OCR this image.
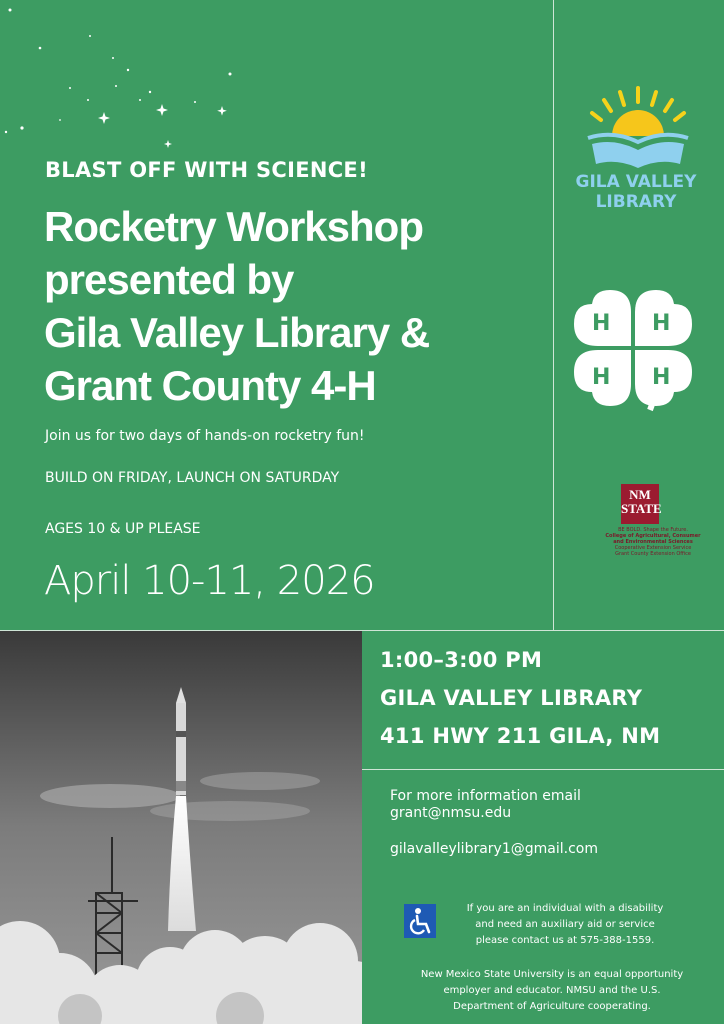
BLAST OFF WITH SCIENCE!
Rocketry Workshop
presented by
Gila Valley Library &
Grant County 4-H
Join us for two days of hands-on rocketry fun!
BUILD ON FRIDAY, LAUNCH ON SATURDAY
AGES 10 & UP PLEASE
April 10-11, 2026
GILA VALLEY
LIBRARY
H H
H H
NM STATE
BE BOLD. Shape the Future.
College of Agricultural, Consumer
and Environmental Sciences
Cooperative Extension Service
Grant County Extension Office
1:00–3:00 PM
GILA VALLEY LIBRARY
411 HWY 211 GILA, NM
For more information email
grant@nmsu.edu
gilavalleylibrary1@gmail.com
If you are an individual with a disability
and need an auxiliary aid or service
please contact us at 575-388-1559.
New Mexico State University is an equal opportunity
employer and educator. NMSU and the U.S.
Department of Agriculture cooperating.
